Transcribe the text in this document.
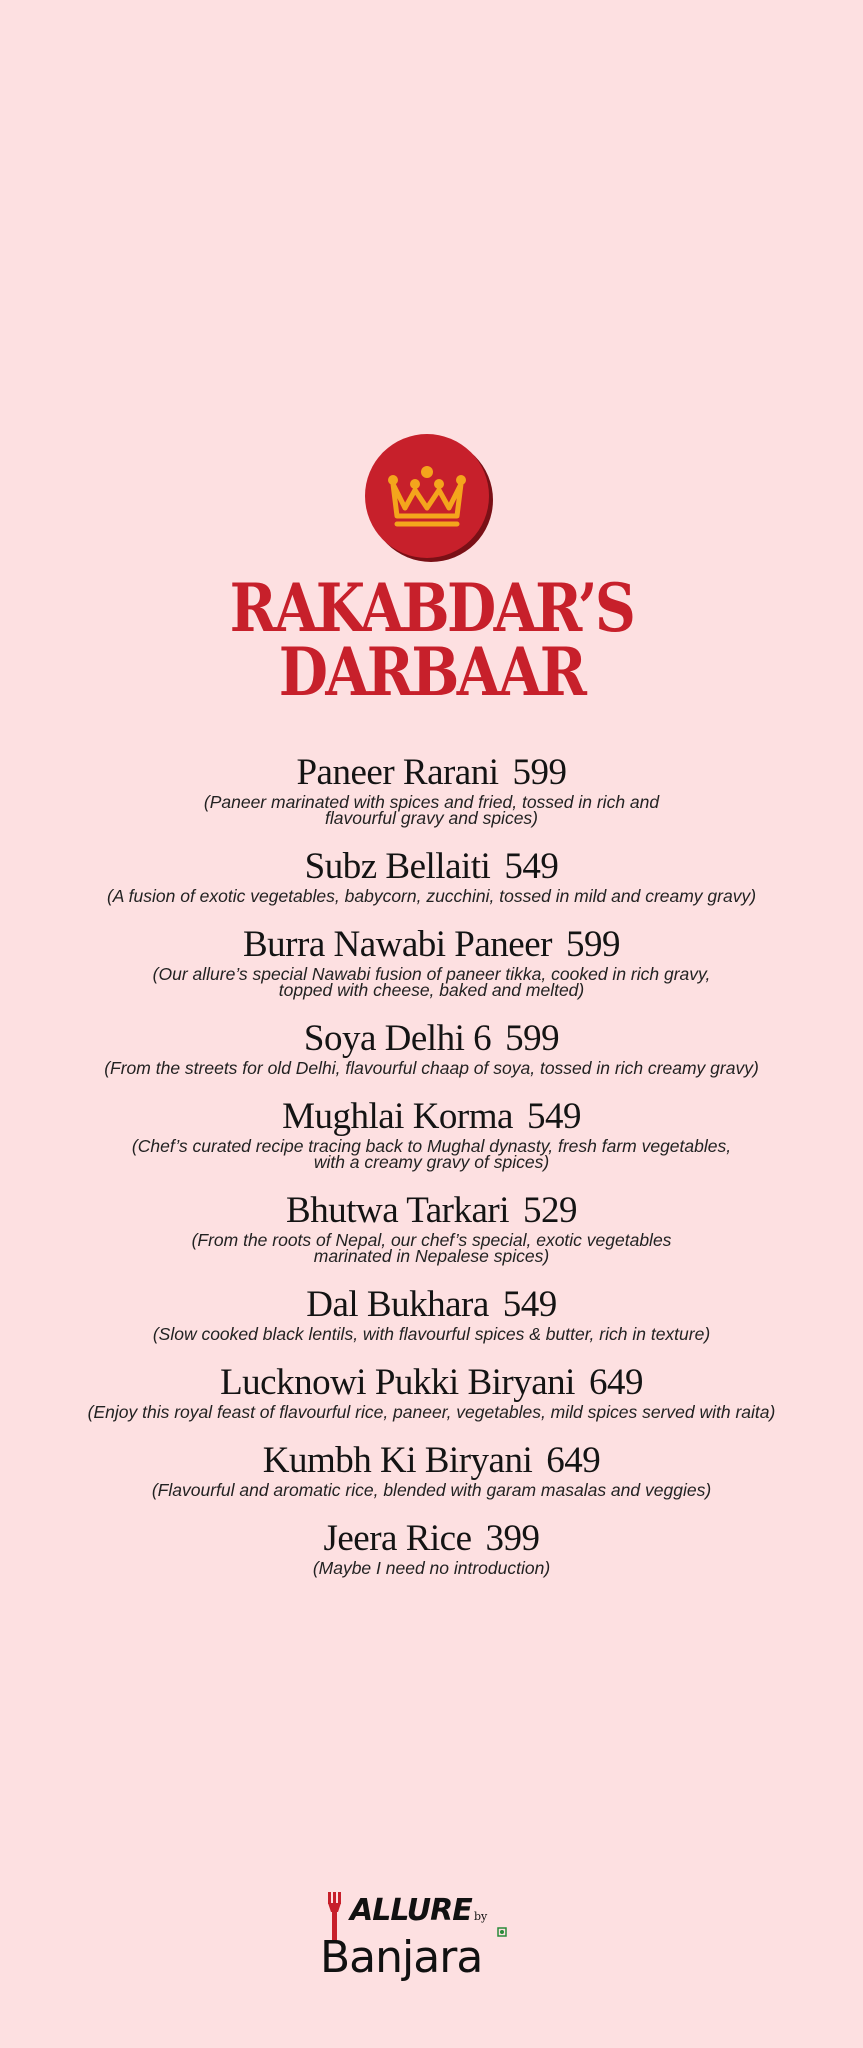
RAKABDAR’S
DARBAAR
Paneer Rarani 599
(Paneer marinated with spices and fried, tossed in rich and
flavourful gravy and spices)
Subz Bellaiti 549
(A fusion of exotic vegetables, babycorn, zucchini, tossed in mild and creamy gravy)
Burra Nawabi Paneer 599
(Our allure’s special Nawabi fusion of paneer tikka, cooked in rich gravy,
topped with cheese, baked and melted)
Soya Delhi 6 599
(From the streets for old Delhi, flavourful chaap of soya, tossed in rich creamy gravy)
Mughlai Korma 549
(Chef’s curated recipe tracing back to Mughal dynasty, fresh farm vegetables,
with a creamy gravy of spices)
Bhutwa Tarkari 529
(From the roots of Nepal, our chef’s special, exotic vegetables
marinated in Nepalese spices)
Dal Bukhara 549
(Slow cooked black lentils, with flavourful spices & butter, rich in texture)
Lucknowi Pukki Biryani 649
(Enjoy this royal feast of flavourful rice, paneer, vegetables, mild spices served with raita)
Kumbh Ki Biryani 649
(Flavourful and aromatic rice, blended with garam masalas and veggies)
Jeera Rice 399
(Maybe I need no introduction)
ALLURE by
Banjara
